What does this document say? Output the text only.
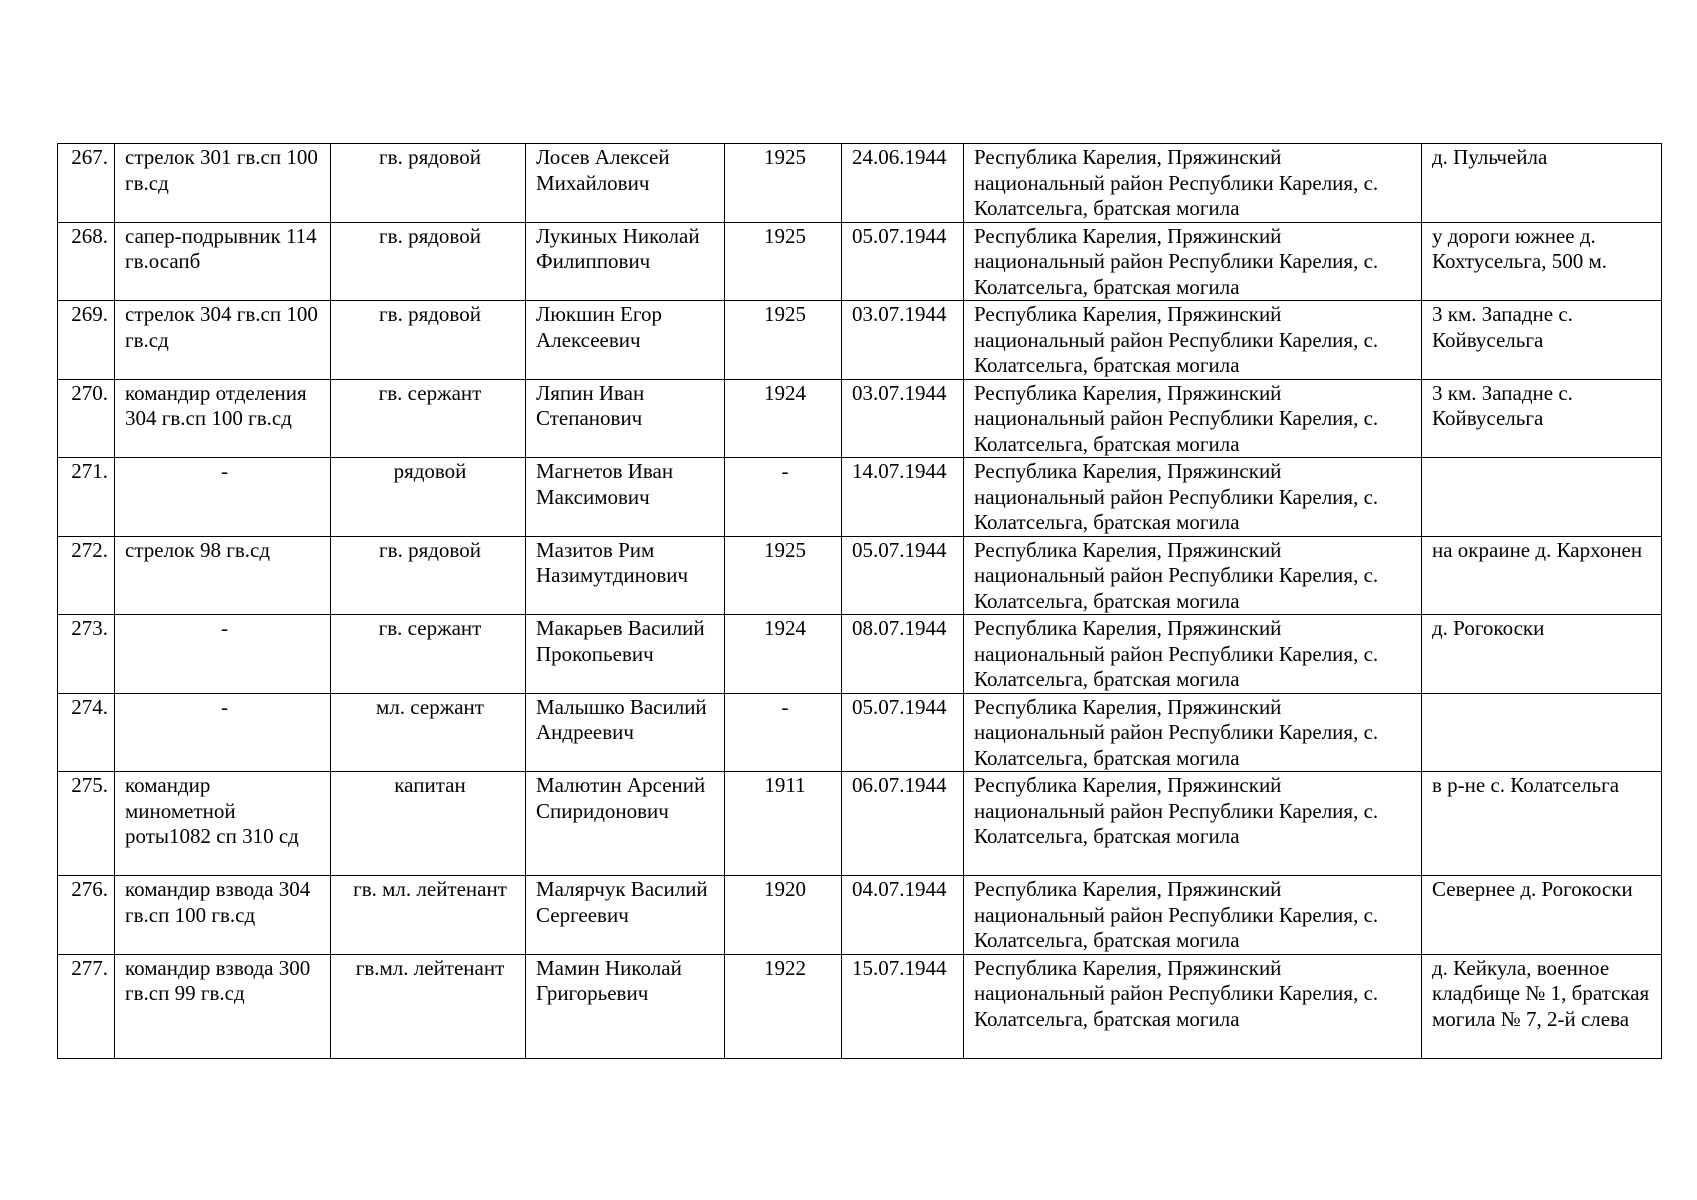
267.	стрелок 301 гв.сп 100 гв.сд	гв. рядовой	Лосев Алексей Михайлович	1925	24.06.1944	Республика Карелия, Пряжинский национальный район Республики Карелия, с. Колатсельга, братская могила	д. Пульчейла
268.	сапер-подрывник 114 гв.осапб	гв. рядовой	Лукиных Николай Филиппович	1925	05.07.1944	Республика Карелия, Пряжинский национальный район Республики Карелия, с. Колатсельга, братская могила	у дороги южнее д. Кохтусельга, 500 м.
269.	стрелок 304 гв.сп 100 гв.сд	гв. рядовой	Люкшин Егор Алексеевич	1925	03.07.1944	Республика Карелия, Пряжинский национальный район Республики Карелия, с. Колатсельга, братская могила	3 км. Западне с. Койвусельга
270.	командир отделения 304 гв.сп 100 гв.сд	гв. сержант	Ляпин Иван Степанович	1924	03.07.1944	Республика Карелия, Пряжинский национальный район Республики Карелия, с. Колатсельга, братская могила	3 км. Западне с. Койвусельга
271.	-	рядовой	Магнетов Иван Максимович	-	14.07.1944	Республика Карелия, Пряжинский национальный район Республики Карелия, с. Колатсельга, братская могила	
272.	стрелок 98 гв.сд	гв. рядовой	Мазитов Рим Назимутдинович	1925	05.07.1944	Республика Карелия, Пряжинский национальный район Республики Карелия, с. Колатсельга, братская могила	на окраине д. Кархонен
273.	-	гв. сержант	Макарьев Василий Прокопьевич	1924	08.07.1944	Республика Карелия, Пряжинский национальный район Республики Карелия, с. Колатсельга, братская могила	д. Рогокоски
274.	-	мл. сержант	Малышко Василий Андреевич	-	05.07.1944	Республика Карелия, Пряжинский национальный район Республики Карелия, с. Колатсельга, братская могила	
275.	командир минометной роты1082 сп 310 сд	капитан	Малютин Арсений Спиридонович	1911	06.07.1944	Республика Карелия, Пряжинский национальный район Республики Карелия, с. Колатсельга, братская могила	в р-не с. Колатсельга
276.	командир взвода 304 гв.сп 100 гв.сд	гв. мл. лейтенант	Малярчук Василий Сергеевич	1920	04.07.1944	Республика Карелия, Пряжинский национальный район Республики Карелия, с. Колатсельга, братская могила	Севернее д. Рогокоски
277.	командир взвода 300 гв.сп 99 гв.сд	гв.мл. лейтенант	Мамин Николай Григорьевич	1922	15.07.1944	Республика Карелия, Пряжинский национальный район Республики Карелия, с. Колатсельга, братская могила	д. Кейкула, военное кладбище № 1, братская могила № 7, 2-й слева
